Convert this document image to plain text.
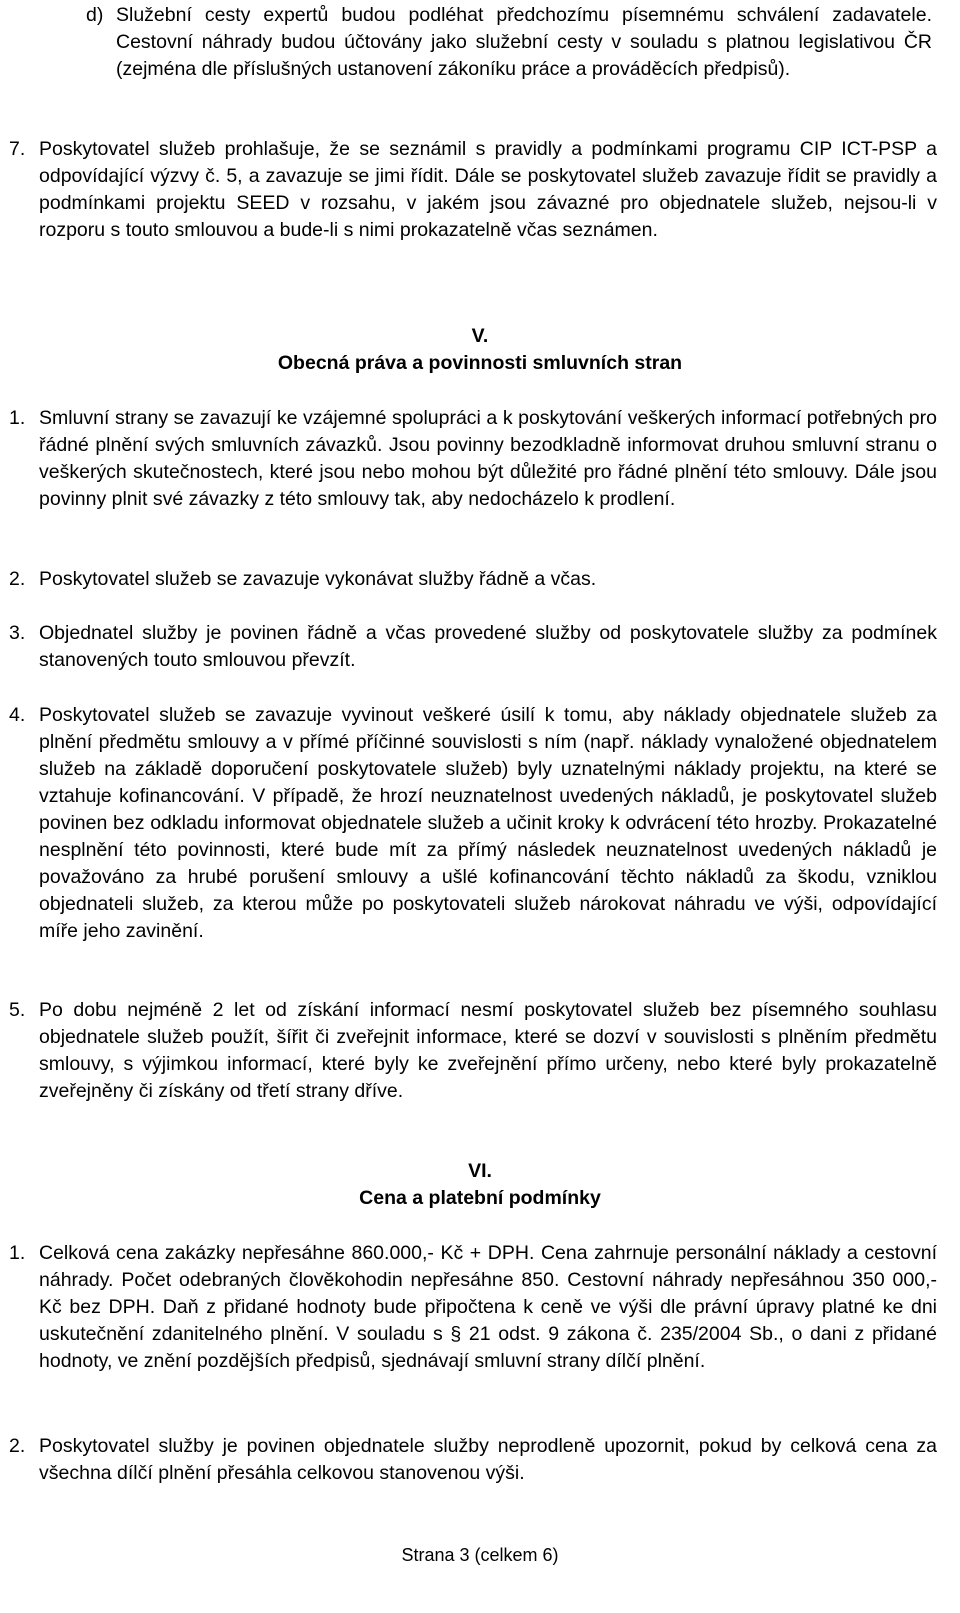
d) Služební cesty expertů budou podléhat předchozímu písemnému schválení zadavatele. Cestovní náhrady budou účtovány jako služební cesty v souladu s platnou legislativou ČR (zejména dle příslušných ustanovení zákoníku práce a prováděcích předpisů).
7. Poskytovatel služeb prohlašuje, že se seznámil s pravidly a podmínkami programu CIP ICT-PSP a odpovídající výzvy č. 5, a zavazuje se jimi řídit. Dále se poskytovatel služeb zavazuje řídit se pravidly a podmínkami projektu SEED v rozsahu, v jakém jsou závazné pro objednatele služeb, nejsou-li v rozporu s touto smlouvou a bude-li s nimi prokazatelně včas seznámen.
V.
Obecná práva a povinnosti smluvních stran
1. Smluvní strany se zavazují ke vzájemné spolupráci a k poskytování veškerých informací potřebných pro řádné plnění svých smluvních závazků. Jsou povinny bezodkladně informovat druhou smluvní stranu o veškerých skutečnostech, které jsou nebo mohou být důležité pro řádné plnění této smlouvy. Dále jsou povinny plnit své závazky z této smlouvy tak, aby nedocházelo k prodlení.
2. Poskytovatel služeb se zavazuje vykonávat služby řádně a včas.
3. Objednatel služby je povinen řádně a včas provedené služby od poskytovatele služby za podmínek stanovených touto smlouvou převzít.
4. Poskytovatel služeb se zavazuje vyvinout veškeré úsilí k tomu, aby náklady objednatele služeb za plnění předmětu smlouvy a v přímé příčinné souvislosti s ním (např. náklady vynaložené objednatelem služeb na základě doporučení poskytovatele služeb) byly uznatelnými náklady projektu, na které se vztahuje kofinancování. V případě, že hrozí neuznatelnost uvedených nákladů, je poskytovatel služeb povinen bez odkladu informovat objednatele služeb a učinit kroky k odvrácení této hrozby. Prokazatelné nesplnění této povinnosti, které bude mít za přímý následek neuznatelnost uvedených nákladů je považováno za hrubé porušení smlouvy a ušlé kofinancování těchto nákladů za škodu, vzniklou objednateli služeb, za kterou může po poskytovateli služeb nárokovat náhradu ve výši, odpovídající míře jeho zavinění.
5. Po dobu nejméně 2 let od získání informací nesmí poskytovatel služeb bez písemného souhlasu objednatele služeb použít, šířit či zveřejnit informace, které se dozví v souvislosti s plněním předmětu smlouvy, s výjimkou informací, které byly ke zveřejnění přímo určeny, nebo které byly prokazatelně zveřejněny či získány od třetí strany dříve.
VI.
Cena a platební podmínky
1. Celková cena zakázky nepřesáhne 860.000,- Kč + DPH. Cena zahrnuje personální náklady a cestovní náhrady. Počet odebraných člověkohodin nepřesáhne 850. Cestovní náhrady nepřesáhnou 350 000,- Kč bez DPH. Daň z přidané hodnoty bude připočtena k ceně ve výši dle právní úpravy platné ke dni uskutečnění zdanitelného plnění. V souladu s § 21 odst. 9 zákona č. 235/2004 Sb., o dani z přidané hodnoty, ve znění pozdějších předpisů, sjednávají smluvní strany dílčí plnění.
2. Poskytovatel služby je povinen objednatele služby neprodleně upozornit, pokud by celková cena za všechna dílčí plnění přesáhla celkovou stanovenou výši.
Strana 3 (celkem 6)
